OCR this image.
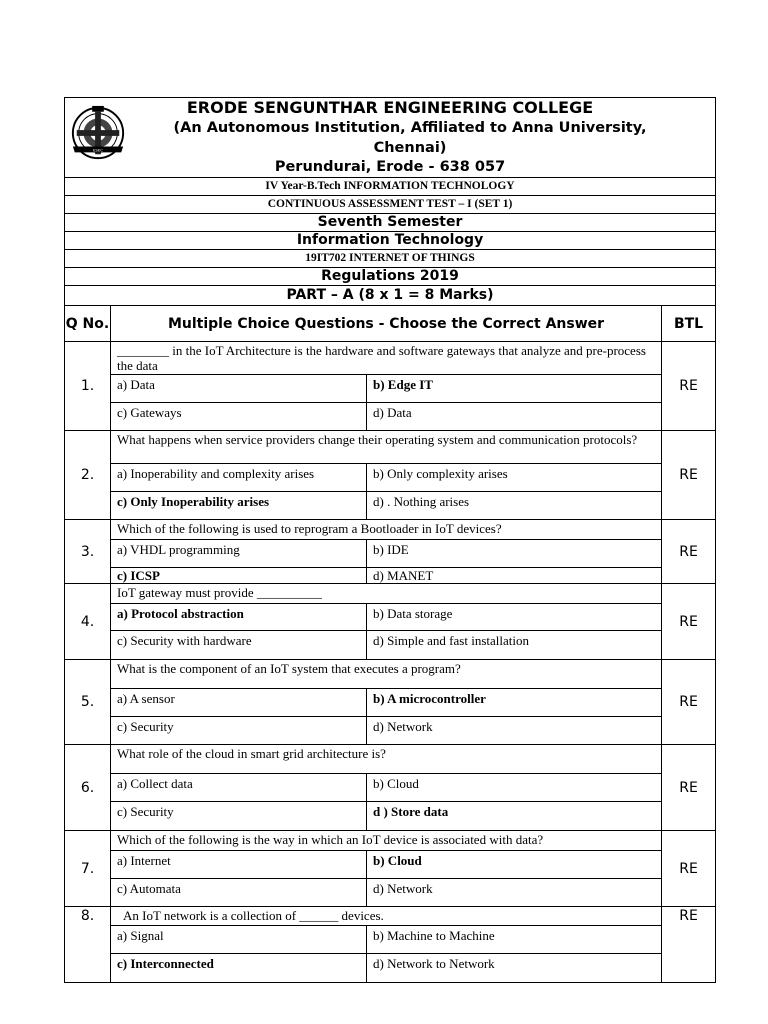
ESEC
ERODE SENGUNTHAR ENGINEERING COLLEGE
(An Autonomous Institution, Affiliated to Anna University, Chennai)
Perundurai, Erode - 638 057			

IV Year-B.Tech INFORMATION TECHNOLOGY			
CONTINUOUS ASSESSMENT TEST – I (SET 1)			
Seventh Semester			
Information Technology			
19IT702 INTERNET OF THINGS			
Regulations 2019			
PART – A (8 x 1 = 8 Marks)			
Q No.	Multiple Choice Questions - Choose the Correct Answer		BTL
1.	________ in the IoT Architecture is the hardware and software gateways that analyze and pre-process the data		RE
	a) Data	b) Edge IT	
	c) Gateways	d) Data	
2.	What happens when service providers change their operating system and communication protocols?		RE
	a) Inoperability and complexity arises	b) Only complexity arises	
	c) Only Inoperability arises	d) . Nothing arises	
3.	Which of the following is used to reprogram a Bootloader in IoT devices?		RE
	a) VHDL programming	b) IDE	
	c) ICSP	d) MANET	
4.	IoT gateway must provide __________		RE
	a) Protocol abstraction	b) Data storage	
	c) Security with hardware	d) Simple and fast installation	
5.	What is the component of an IoT system that executes a program?		RE
	a) A sensor	b) A microcontroller	
	c) Security	d) Network	
6.	What role of the cloud in smart grid architecture is?		RE
	a) Collect data	b) Cloud	
	c) Security	d ) Store data	
7.	Which of the following is the way in which an IoT device is associated with data?		RE
	a) Internet	b) Cloud	
	c) Automata	d) Network	
8.	An IoT network is a collection of ______ devices.		RE
	a) Signal	b) Machine to Machine	
	c) Interconnected	d) Network to Network	
